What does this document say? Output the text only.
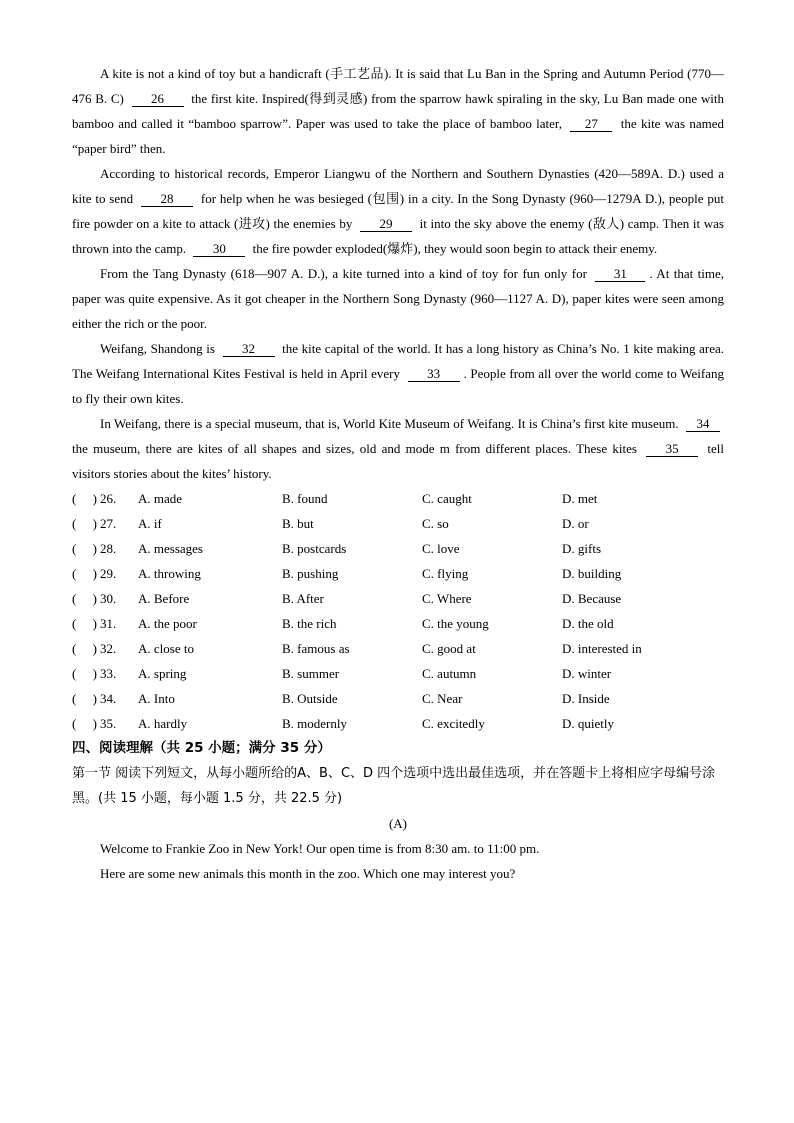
A kite is not a kind of toy but a handicraft (手工艺品). It is said that Lu Ban in the Spring and Autumn Period (770—476 B. C) 26 the first kite. Inspired(得到灵感) from the sparrow hawk spiraling in the sky, Lu Ban made one with bamboo and called it “bamboo sparrow”. Paper was used to take the place of bamboo later, 27 the kite was named “paper bird” then.

According to historical records, Emperor Liangwu of the Northern and Southern Dynasties (420—589A. D.) used a kite to send 28 for help when he was besieged (包围) in a city. In the Song Dynasty (960—1279A D.), people put fire powder on a kite to attack (进攻) the enemies by 29 it into the sky above the enemy (敌人) camp. Then it was thrown into the camp. 30 the fire powder exploded(爆炸), they would soon begin to attack their enemy.

From the Tang Dynasty (618—907 A. D.), a kite turned into a kind of toy for fun only for 31 . At that time, paper was quite expensive. As it got cheaper in the Northern Song Dynasty (960—1127 A. D), paper kites were seen among either the rich or the poor.

Weifang, Shandong is 32 the kite capital of the world. It has a long history as China’s No. 1 kite making area. The Weifang International Kites Festival is held in April every 33 . People from all over the world come to Weifang to fly their own kites.

In Weifang, there is a special museum, that is, World Kite Museum of Weifang. It is China’s first kite museum. 34 the museum, there are kites of all shapes and sizes, old and mode m from different places. These kites 35 tell visitors stories about the kites’ history.

(　 ) 26.	A. made	B. found	C. caught	D. met
(　 ) 27.	A. if	B. but	C. so	D. or
(　 ) 28.	A. messages	B. postcards	C. love	D. gifts
(　 ) 29.	A. throwing	B. pushing	C. flying	D. building
(　 ) 30.	A. Before	B. After	C. Where	D. Because
(　 ) 31.	A. the poor	B. the rich	C. the young	D. the old
(　 ) 32.	A. close to	B. famous as	C. good at	D. interested in
(　 ) 33.	A. spring	B. summer	C. autumn	D. winter
(　 ) 34.	A. Into	B. Outside	C. Near	D. Inside
(　 ) 35.	A. hardly	B. modernly	C. excitedly	D. quietly

四、阅读理解（共 25 小题；满分 35 分）

第一节 阅读下列短文，从每小题所给的A、B、C、D 四个选项中选出最佳选项，并在答题卡上将相应字母编号涂黑。(共 15 小题，每小题 1.5 分，共 22.5 分)

(A)

Welcome to Frankie Zoo in New York! Our open time is from 8:30 am. to 11:00 pm.

Here are some new animals this month in the zoo. Which one may interest you?
